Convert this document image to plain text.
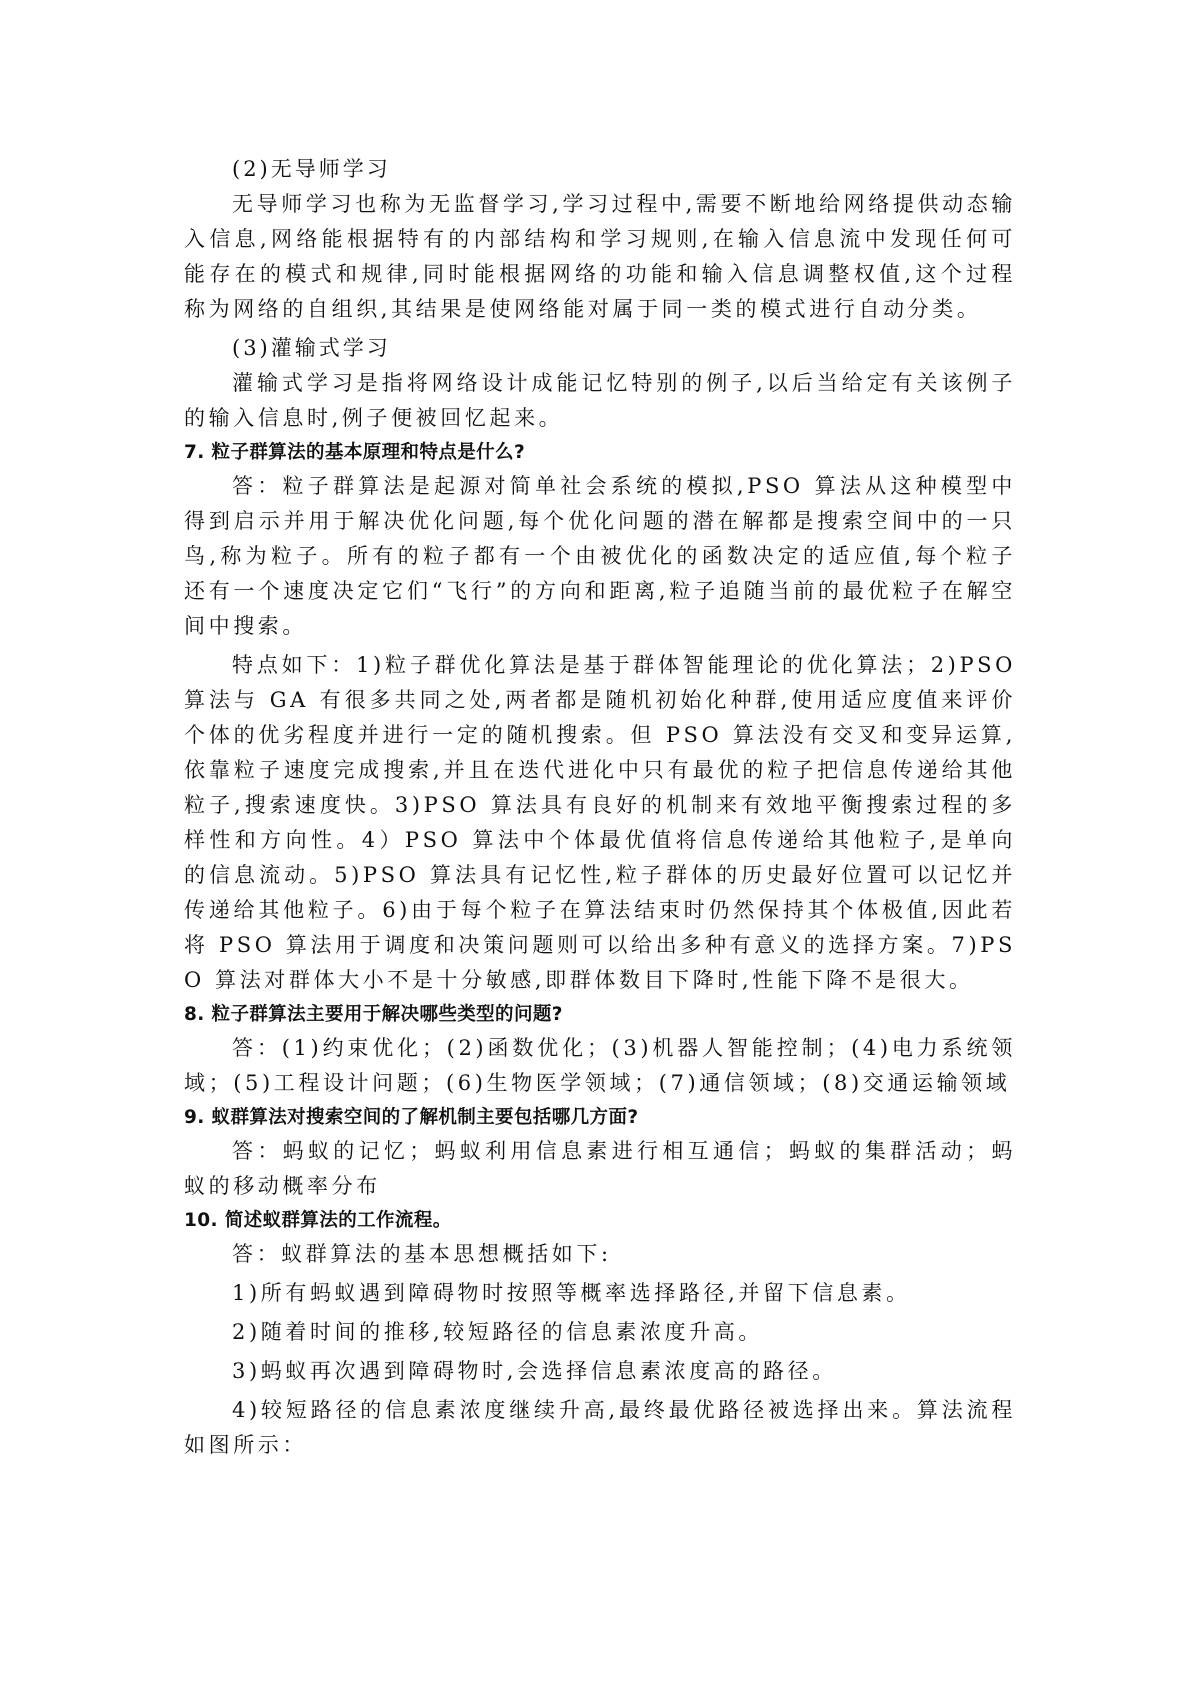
(2)无导师学习

无导师学习也称为无监督学习,学习过程中,需要不断地给网络提供动态输入信息,网络能根据特有的内部结构和学习规则,在输入信息流中发现任何可能存在的模式和规律,同时能根据网络的功能和输入信息调整权值,这个过程称为网络的自组织,其结果是使网络能对属于同一类的模式进行自动分类。

(3)灌输式学习

灌输式学习是指将网络设计成能记忆特别的例子,以后当给定有关该例子的输入信息时,例子便被回忆起来。

7. 粒子群算法的基本原理和特点是什么?

答：粒子群算法是起源对简单社会系统的模拟,PSO 算法从这种模型中得到启示并用于解决优化问题,每个优化问题的潜在解都是搜索空间中的一只鸟,称为粒子。所有的粒子都有一个由被优化的函数决定的适应值,每个粒子还有一个速度决定它们“飞行”的方向和距离,粒子追随当前的最优粒子在解空间中搜索。

特点如下：1)粒子群优化算法是基于群体智能理论的优化算法；2)PSO 算法与 GA 有很多共同之处,两者都是随机初始化种群,使用适应度值来评价个体的优劣程度并进行一定的随机搜索。但 PSO 算法没有交叉和变异运算,依靠粒子速度完成搜索,并且在迭代进化中只有最优的粒子把信息传递给其他粒子,搜索速度快。3)PSO 算法具有良好的机制来有效地平衡搜索过程的多样性和方向性。4）PSO 算法中个体最优值将信息传递给其他粒子,是单向的信息流动。5)PSO 算法具有记忆性,粒子群体的历史最好位置可以记忆并传递给其他粒子。6)由于每个粒子在算法结束时仍然保持其个体极值,因此若将 PSO 算法用于调度和决策问题则可以给出多种有意义的选择方案。7)PSO 算法对群体大小不是十分敏感,即群体数目下降时,性能下降不是很大。

8. 粒子群算法主要用于解决哪些类型的问题?

答：(1)约束优化；(2)函数优化；(3)机器人智能控制；(4)电力系统领域；(5)工程设计问题；(6)生物医学领域；(7)通信领域；(8)交通运输领域

9. 蚁群算法对搜索空间的了解机制主要包括哪几方面?

答：蚂蚁的记忆；蚂蚁利用信息素进行相互通信；蚂蚁的集群活动；蚂蚁的移动概率分布

10. 简述蚁群算法的工作流程。

答：蚁群算法的基本思想概括如下:

1)所有蚂蚁遇到障碍物时按照等概率选择路径,并留下信息素。

2)随着时间的推移,较短路径的信息素浓度升高。

3)蚂蚁再次遇到障碍物时,会选择信息素浓度高的路径。

4)较短路径的信息素浓度继续升高,最终最优路径被选择出来。算法流程如图所示：
